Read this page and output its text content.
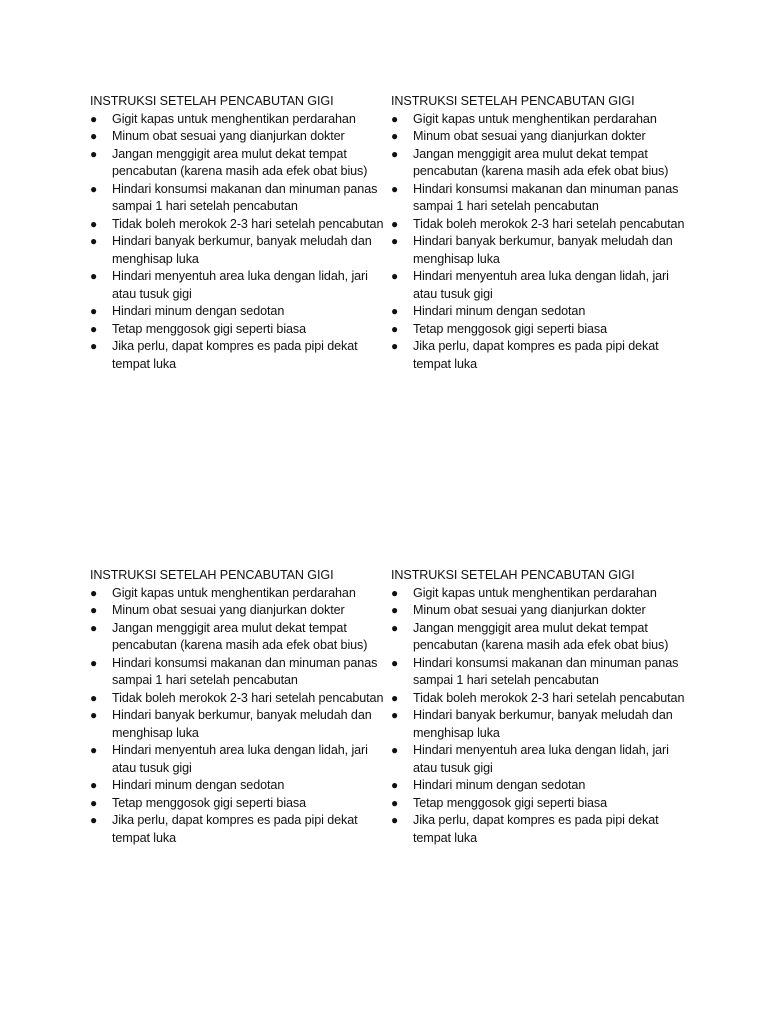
INSTRUKSI SETELAH PENCABUTAN GIGI
●	Gigit kapas untuk menghentikan perdarahan
●	Minum obat sesuai yang dianjurkan dokter
●	Jangan menggigit area mulut dekat tempat pencabutan (karena masih ada efek obat bius)
●	Hindari konsumsi makanan dan minuman panas sampai 1 hari setelah pencabutan
●	Tidak boleh merokok 2-3 hari setelah pencabutan
●	Hindari banyak berkumur, banyak meludah dan menghisap luka
●	Hindari menyentuh area luka dengan lidah, jari atau tusuk gigi
●	Hindari minum dengan sedotan
●	Tetap menggosok gigi seperti biasa
●	Jika perlu, dapat kompres es pada pipi dekat tempat luka
INSTRUKSI SETELAH PENCABUTAN GIGI
●	Gigit kapas untuk menghentikan perdarahan
●	Minum obat sesuai yang dianjurkan dokter
●	Jangan menggigit area mulut dekat tempat pencabutan (karena masih ada efek obat bius)
●	Hindari konsumsi makanan dan minuman panas sampai 1 hari setelah pencabutan
●	Tidak boleh merokok 2-3 hari setelah pencabutan
●	Hindari banyak berkumur, banyak meludah dan menghisap luka
●	Hindari menyentuh area luka dengan lidah, jari atau tusuk gigi
●	Hindari minum dengan sedotan
●	Tetap menggosok gigi seperti biasa
●	Jika perlu, dapat kompres es pada pipi dekat tempat luka
INSTRUKSI SETELAH PENCABUTAN GIGI
●	Gigit kapas untuk menghentikan perdarahan
●	Minum obat sesuai yang dianjurkan dokter
●	Jangan menggigit area mulut dekat tempat pencabutan (karena masih ada efek obat bius)
●	Hindari konsumsi makanan dan minuman panas sampai 1 hari setelah pencabutan
●	Tidak boleh merokok 2-3 hari setelah pencabutan
●	Hindari banyak berkumur, banyak meludah dan menghisap luka
●	Hindari menyentuh area luka dengan lidah, jari atau tusuk gigi
●	Hindari minum dengan sedotan
●	Tetap menggosok gigi seperti biasa
●	Jika perlu, dapat kompres es pada pipi dekat tempat luka
INSTRUKSI SETELAH PENCABUTAN GIGI
●	Gigit kapas untuk menghentikan perdarahan
●	Minum obat sesuai yang dianjurkan dokter
●	Jangan menggigit area mulut dekat tempat pencabutan (karena masih ada efek obat bius)
●	Hindari konsumsi makanan dan minuman panas sampai 1 hari setelah pencabutan
●	Tidak boleh merokok 2-3 hari setelah pencabutan
●	Hindari banyak berkumur, banyak meludah dan menghisap luka
●	Hindari menyentuh area luka dengan lidah, jari atau tusuk gigi
●	Hindari minum dengan sedotan
●	Tetap menggosok gigi seperti biasa
●	Jika perlu, dapat kompres es pada pipi dekat tempat luka
